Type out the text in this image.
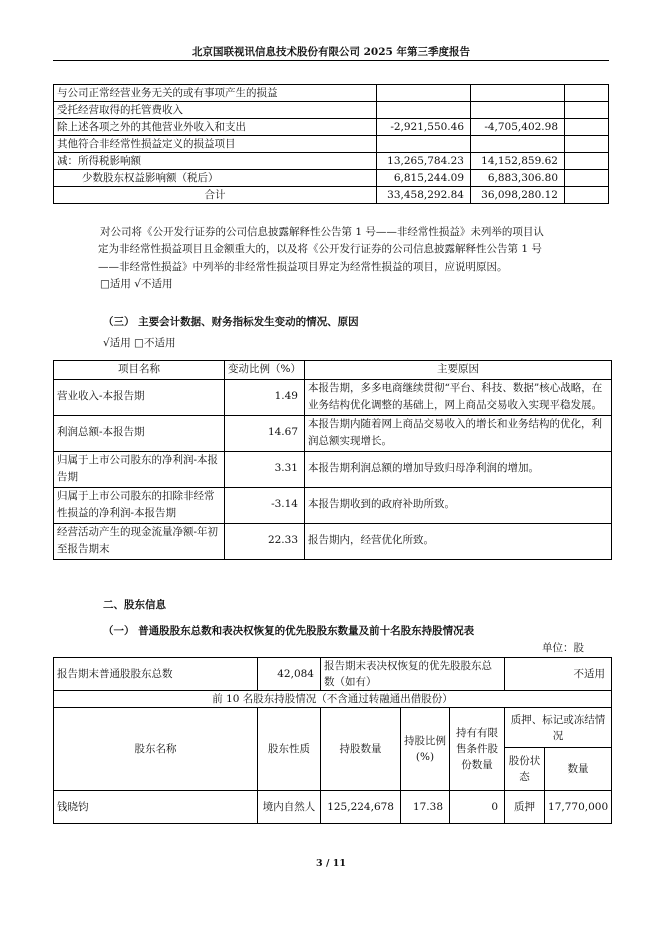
北京国联视讯信息技术股份有限公司 2025 年第三季度报告
与公司正常经营业务无关的或有事项产生的损益			
受托经营取得的托管费收入			
除上述各项之外的其他营业外收入和支出	-2,921,550.46	-4,705,402.98	
其他符合非经常性损益定义的损益项目			
减：所得税影响额	13,265,784.23	14,152,859.62	
少数股东权益影响额（税后）	6,815,244.09	6,883,306.80	
合计	33,458,292.84	36,098,280.12	
对公司将《公开发行证券的公司信息披露解释性公告第 1 号——非经常性损益》未列举的项目认
定为非经常性损益项目且金额重大的，以及将《公开发行证券的公司信息披露解释性公告第 1 号
——非经常性损益》中列举的非经常性损益项目界定为经常性损益的项目，应说明原因。
□适用 √不适用
（三） 主要会计数据、财务指标发生变动的情况、原因
√适用 □不适用
项目名称	变动比例（%）	主要原因
营业收入-本报告期	1.49	本报告期，多多电商继续贯彻“平台、科技、数据”核心战略，在业务结构优化调整的基础上，网上商品交易收入实现平稳发展。
利润总额-本报告期	14.67	本报告期内随着网上商品交易收入的增长和业务结构的优化，利润总额实现增长。
归属于上市公司股东的净利润-本报告期	3.31	本报告期利润总额的增加导致归母净利润的增加。
归属于上市公司股东的扣除非经常性损益的净利润-本报告期	-3.14	本报告期收到的政府补助所致。
经营活动产生的现金流量净额-年初至报告期末	22.33	报告期内，经营优化所致。
二、股东信息
（一） 普通股股东总数和表决权恢复的优先股股东数量及前十名股东持股情况表
单位：股
报告期末普通股股东总数	42,084	报告期末表决权恢复的优先股股东总数（如有）			不适用	
前 10 名股东持股情况（不含通过转融通出借股份）						
股东名称	股东性质	持股数量	持股比例(%)	持有有限售条件股份数量	质押、标记或冻结情况	
					股份状态	数量
钱晓钧	境内自然人	125,224,678	17.38	0	质押	17,770,000
3 / 11
